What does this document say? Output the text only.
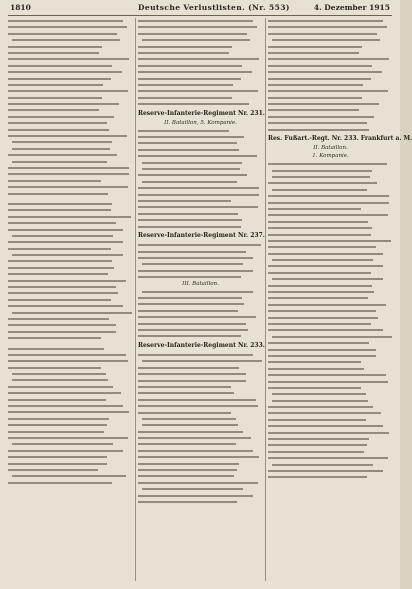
1810	Deutsche Verlustlisten. (Nr. 553)	4. Dezember 1915
Reserve-Infanterie-Regiment Nr. 231.
II. Bataillon, 5. Kompanie.
Reserve-Infanterie-Regiment Nr. 237.
III. Bataillon.
Reserve-Infanterie-Regiment Nr. 233.
Res. Fußart.-Regt. Nr. 233. Frankfurt a. M.
II. Bataillon.
1. Kompanie.
